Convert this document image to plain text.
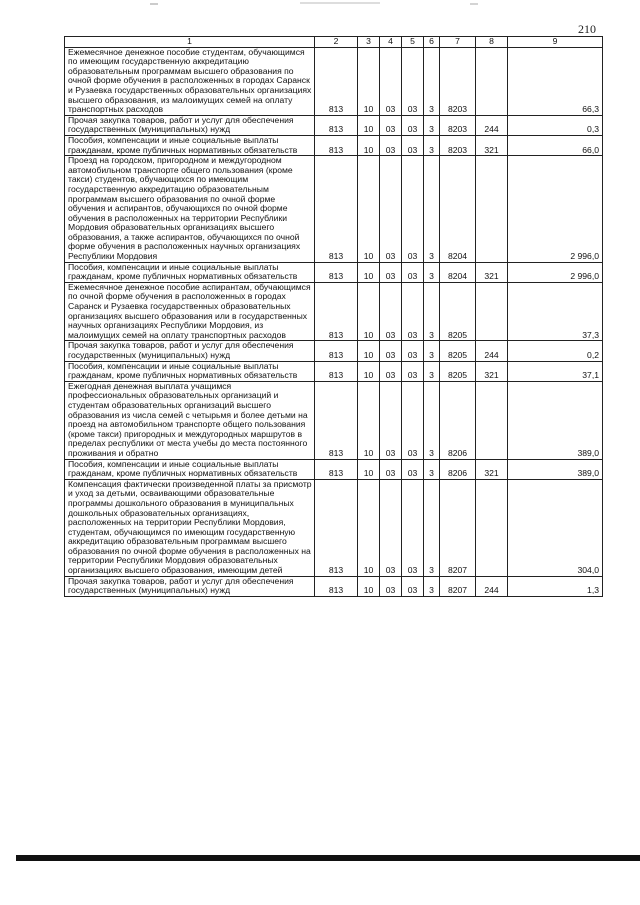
210
1	2	3	4	5	6	7	8	9
Ежемесячное денежное пособие студентам, обучающимся по имеющим государственную аккредитацию образовательным программам высшего образования по очной форме обучения в расположенных в городах Саранск и Рузаевка государственных образовательных организациях высшего образования, из малоимущих семей на оплату транспортных расходов	813	10	03	03	3	8203		66,3
Прочая закупка товаров, работ и услуг для обеспечения государственных (муниципальных) нужд	813	10	03	03	3	8203	244	0,3
Пособия, компенсации и иные социальные выплаты гражданам, кроме публичных нормативных обязательств	813	10	03	03	3	8203	321	66,0
Проезд на городском, пригородном и междугородном автомобильном транспорте общего пользования (кроме такси) студентов, обучающихся по имеющим государственную аккредитацию образовательным программам высшего образования по очной форме обучения и аспирантов, обучающихся по очной форме обучения в расположенных на территории Республики Мордовия образовательных организациях высшего образования, а также аспирантов, обучающихся по очной форме обучения в расположенных научных организациях Республики Мордовия	813	10	03	03	3	8204		2 996,0
Пособия, компенсации и иные социальные выплаты гражданам, кроме публичных нормативных обязательств	813	10	03	03	3	8204	321	2 996,0
Ежемесячное денежное пособие аспирантам, обучающимся по очной форме обучения в расположенных в городах Саранск и Рузаевка государственных образовательных организациях высшего образования или в государственных научных организациях Республики Мордовия, из малоимущих семей на оплату транспортных расходов	813	10	03	03	3	8205		37,3
Прочая закупка товаров, работ и услуг для обеспечения государственных (муниципальных) нужд	813	10	03	03	3	8205	244	0,2
Пособия, компенсации и иные социальные выплаты гражданам, кроме публичных нормативных обязательств	813	10	03	03	3	8205	321	37,1
Ежегодная денежная выплата учащимся профессиональных образовательных организаций и студентам образовательных организаций высшего образования из числа семей с четырьмя и более детьми на проезд на автомобильном транспорте общего пользования (кроме такси) пригородных и междугородных маршрутов в пределах республики от места учебы до места постоянного проживания и обратно	813	10	03	03	3	8206		389,0
Пособия, компенсации и иные социальные выплаты гражданам, кроме публичных нормативных обязательств	813	10	03	03	3	8206	321	389,0
Компенсация фактически произведенной платы за присмотр и уход за детьми, осваивающими образовательные программы дошкольного образования в муниципальных дошкольных образовательных организациях, расположенных на территории Республики Мордовия, студентам, обучающимся по имеющим государственную аккредитацию образовательным программам высшего образования по очной форме обучения в расположенных на территории Республики Мордовия образовательных организациях высшего образования, имеющим детей	813	10	03	03	3	8207		304,0
Прочая закупка товаров, работ и услуг для обеспечения государственных (муниципальных) нужд	813	10	03	03	3	8207	244	1,3
